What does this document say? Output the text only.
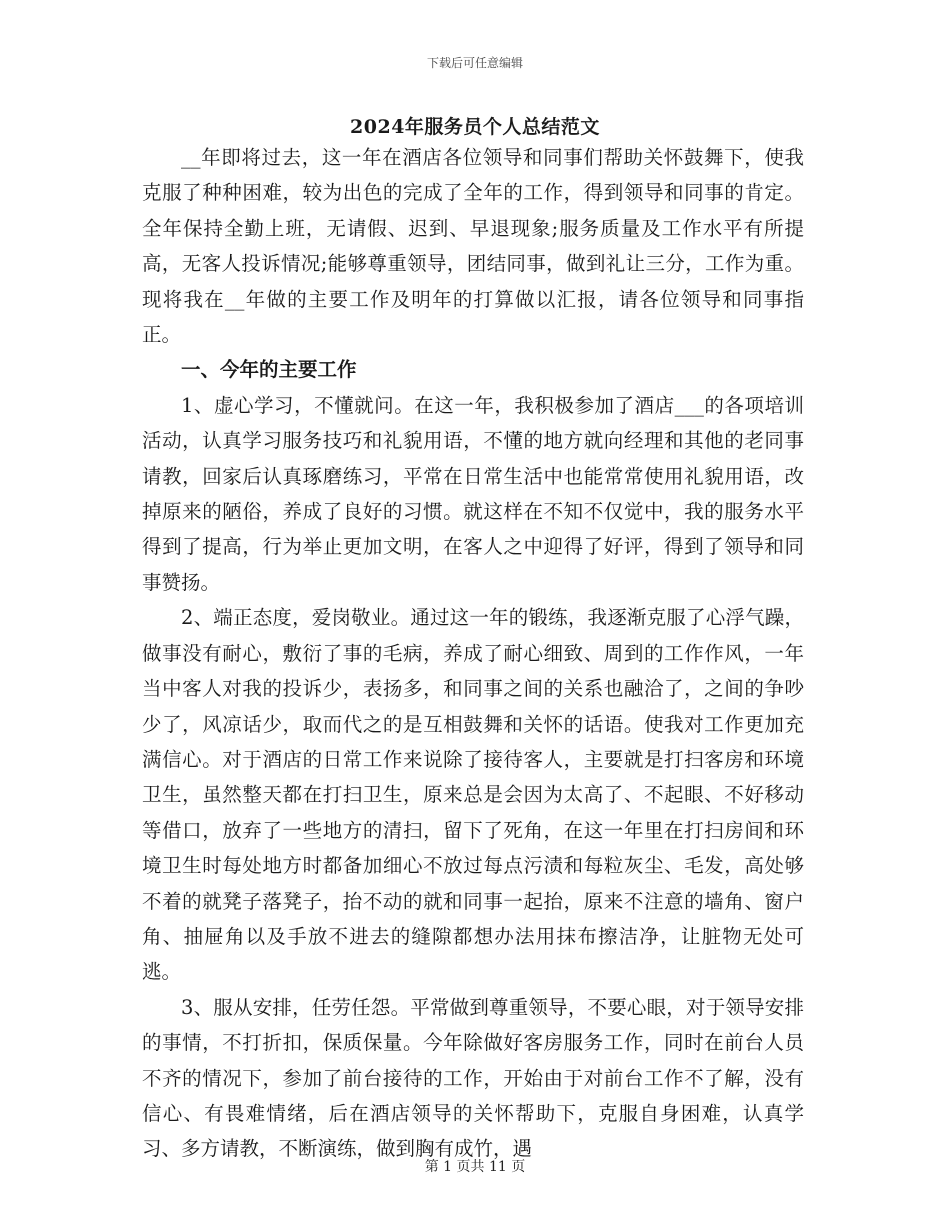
下载后可任意编辑
2024年服务员个人总结范文

__年即将过去，这一年在酒店各位领导和同事们帮助关怀鼓舞下，使我克服了种种困难，较为出色的完成了全年的工作，得到领导和同事的肯定。全年保持全勤上班，无请假、迟到、早退现象;服务质量及工作水平有所提高，无客人投诉情况;能够尊重领导，团结同事，做到礼让三分，工作为重。现将我在__年做的主要工作及明年的打算做以汇报，请各位领导和同事指正。

一、今年的主要工作

1、虚心学习，不懂就问。在这一年，我积极参加了酒店___的各项培训活动，认真学习服务技巧和礼貌用语，不懂的地方就向经理和其他的老同事请教，回家后认真琢磨练习，平常在日常生活中也能常常使用礼貌用语，改掉原来的陋俗，养成了良好的习惯。就这样在不知不仅觉中，我的服务水平得到了提高，行为举止更加文明，在客人之中迎得了好评，得到了领导和同事赞扬。

2、端正态度，爱岗敬业。通过这一年的锻练，我逐渐克服了心浮气躁，做事没有耐心，敷衍了事的毛病，养成了耐心细致、周到的工作作风，一年当中客人对我的投诉少，表扬多，和同事之间的关系也融洽了，之间的争吵少了，风凉话少，取而代之的是互相鼓舞和关怀的话语。使我对工作更加充满信心。对于酒店的日常工作来说除了接待客人，主要就是打扫客房和环境卫生，虽然整天都在打扫卫生，原来总是会因为太高了、不起眼、不好移动等借口，放弃了一些地方的清扫，留下了死角，在这一年里在打扫房间和环境卫生时每处地方时都备加细心不放过每点污渍和每粒灰尘、毛发，高处够不着的就凳子落凳子，抬不动的就和同事一起抬，原来不注意的墙角、窗户角、抽屉角以及手放不进去的缝隙都想办法用抹布擦洁净，让脏物无处可逃。

3、服从安排，任劳任怨。平常做到尊重领导，不要心眼，对于领导安排的事情，不打折扣，保质保量。今年除做好客房服务工作，同时在前台人员不齐的情况下，参加了前台接待的工作，开始由于对前台工作不了解，没有信心、有畏难情绪，后在酒店领导的关怀帮助下，克服自身困难，认真学习、多方请教，不断演练，做到胸有成竹，遇

第 1 页共 11 页
